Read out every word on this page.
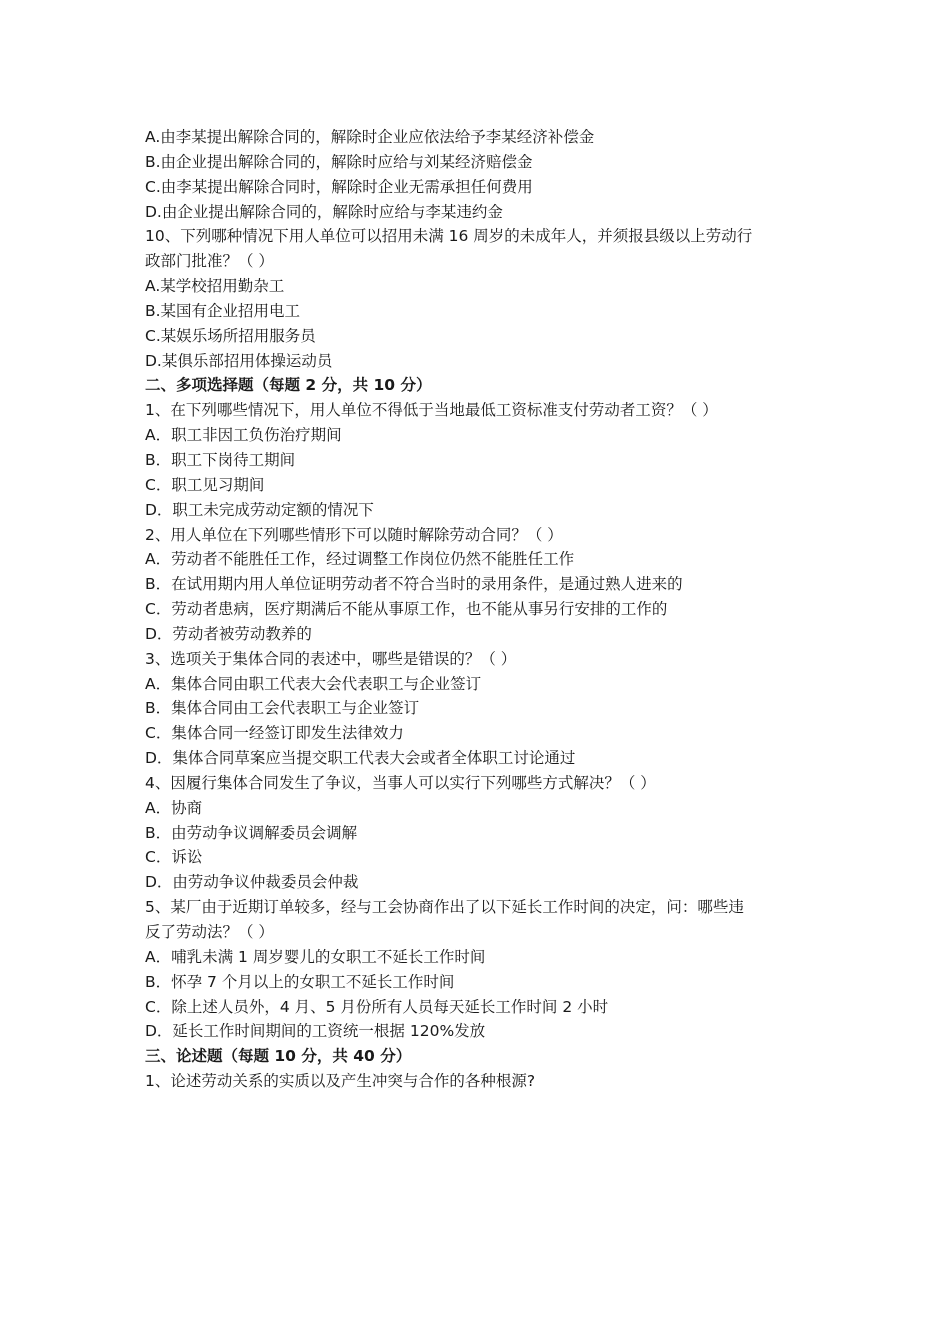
A.由李某提出解除合同的，解除时企业应依法给予李某经济补偿金
B.由企业提出解除合同的，解除时应给与刘某经济赔偿金
C.由李某提出解除合同时，解除时企业无需承担任何费用
D.由企业提出解除合同的，解除时应给与李某违约金
10、下列哪种情况下用人单位可以招用未满 16 周岁的未成年人，并须报县级以上劳动行
政部门批准？（ ）
A.某学校招用勤杂工
B.某国有企业招用电工
C.某娱乐场所招用服务员
D.某俱乐部招用体操运动员
二、多项选择题（每题 2 分，共 10 分）
1、在下列哪些情况下，用人单位不得低于当地最低工资标准支付劳动者工资？（ ）
A．职工非因工负伤治疗期间
B．职工下岗待工期间
C．职工见习期间
D．职工未完成劳动定额的情况下
2、用人单位在下列哪些情形下可以随时解除劳动合同？（ ）
A．劳动者不能胜任工作，经过调整工作岗位仍然不能胜任工作
B．在试用期内用人单位证明劳动者不符合当时的录用条件，是通过熟人进来的
C．劳动者患病，医疗期满后不能从事原工作，也不能从事另行安排的工作的
D．劳动者被劳动教养的
3、选项关于集体合同的表述中，哪些是错误的？（ ）
A．集体合同由职工代表大会代表职工与企业签订
B．集体合同由工会代表职工与企业签订
C．集体合同一经签订即发生法律效力
D．集体合同草案应当提交职工代表大会或者全体职工讨论通过
4、因履行集体合同发生了争议，当事人可以实行下列哪些方式解决？（ ）
A．协商
B．由劳动争议调解委员会调解
C．诉讼
D．由劳动争议仲裁委员会仲裁
5、某厂由于近期订单较多，经与工会协商作出了以下延长工作时间的决定，问：哪些违
反了劳动法？（ ）
A．哺乳未满 1 周岁婴儿的女职工不延长工作时间
B．怀孕 7 个月以上的女职工不延长工作时间
C．除上述人员外，4 月、5 月份所有人员每天延长工作时间 2 小时
D．延长工作时间期间的工资统一根据 120%发放
三、论述题（每题 10 分，共 40 分）
1、论述劳动关系的实质以及产生冲突与合作的各种根源?
